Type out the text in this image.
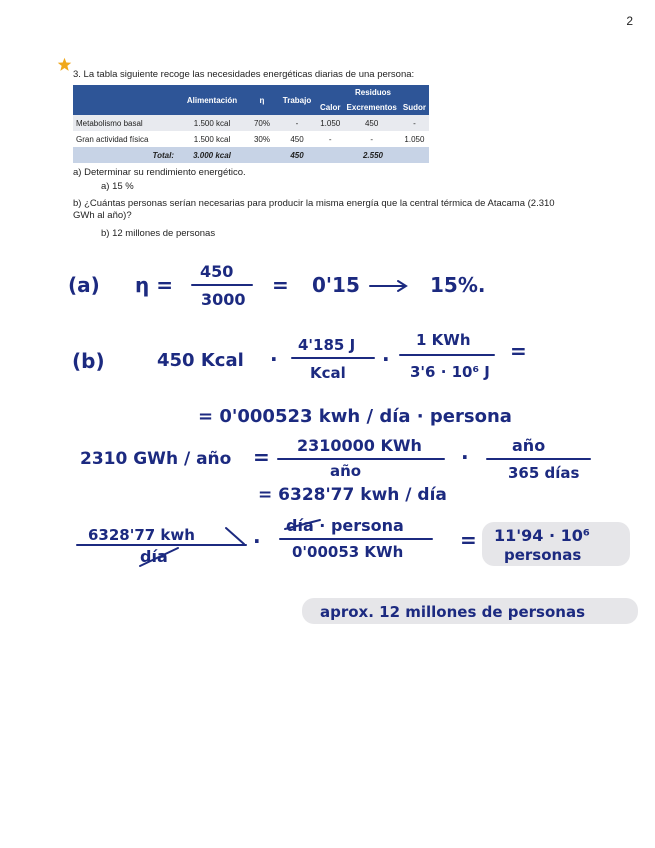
2
3. La tabla siguiente recoge las necesidades energéticas diarias de una persona:
	Alimentación	η	Trabajo	Residuos		
				Calor	Excrementos	Sudor
Metabolismo basal	1.500 kcal	70%	-	1.050	450	-
Gran actividad física	1.500 kcal	30%	450	-	-	1.050
Total:	3.000 kcal		450	2.550		
a) Determinar su rendimiento energético.
a) 15 %
b) ¿Cuántas personas serían necesarias para producir la misma energía que la central térmica de Atacama (2.310 GWh al año)?
b) 12 millones de personas
(a) η =
450
3000
= 0'15	15%.
(b)	450 Kcal ·
4'185 J
Kcal
·
1 KWh
3'6 · 10⁶ J
=
= 0'000523 kwh / día · persona
2310 GWh / año = 2310000 KWh
año
·	año
365 días
= 6328'77 kwh / día
6328'77 kwh
día
·
día · persona
0'00053 KWh	= 11'94 · 10⁶
personas
aprox. 12 millones de personas
